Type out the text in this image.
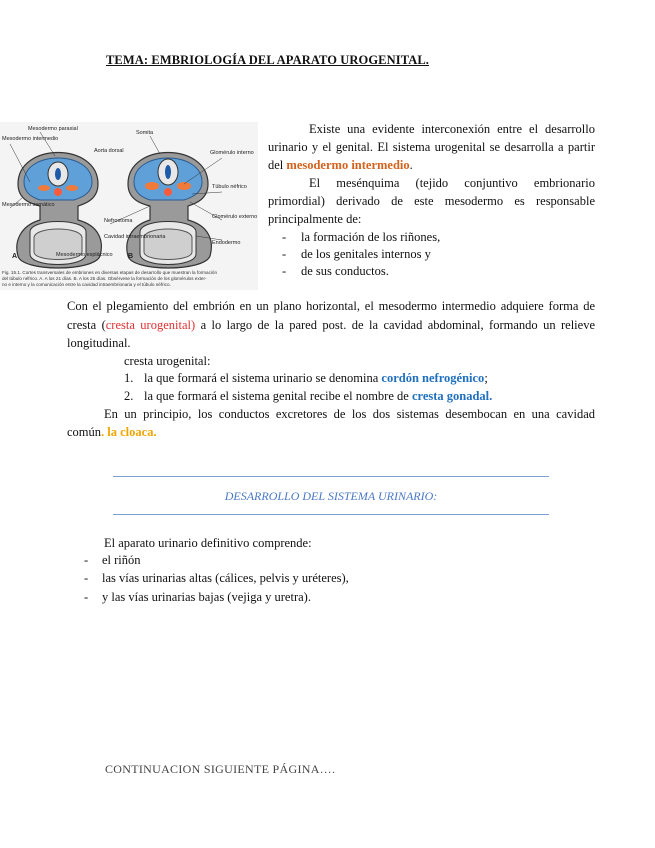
TEMA: EMBRIOLOGÍA DEL APARATO UROGENITAL.
Mesodermo paraxial
Mesodermo intermedio
Somita
Aorta dorsal	Glomérulo interno
Mesodermo somático
Túbulo néfrico
Nefrostoma
Glomérulo externo
Cavidad intraembrionaria
Endodermo
Mesodermo esplácnico
A	B
Fig. 15.1. Cortes transversales de embriones en diversas etapas de desarrollo que muestran la formación
del túbulo néfrico. A. A los 21 días. B. A los 25 días. Obsérvese la formación de los glomérulos exter-
no e interno y la comunicación entre la cavidad intraembrionaria y el túbulo néfrico.
Existe una evidente interconexión entre el desarrollo
urinario y el genital. El sistema urogenital se desarrolla a partir
del mesodermo intermedio.
El mesénquima (tejido conjuntivo embrionario
primordial) derivado de este mesodermo es responsable
principalmente de:
- la formación de los riñones,
- de los genitales internos y
- de sus conductos.
Con el plegamiento del embrión en un plano horizontal, el mesodermo intermedio adquiere forma de
cresta (cresta urogenital) a lo largo de la pared post. de la cavidad abdominal, formando un relieve
longitudinal.
cresta urogenital:
1. la que formará el sistema urinario se denomina cordón nefrogénico;
2. la que formará el sistema genital recibe el nombre de cresta gonadal.
En un principio, los conductos excretores de los dos sistemas desembocan en una cavidad
común. la cloaca.
DESARROLLO DEL SISTEMA URINARIO:
El aparato urinario definitivo comprende:
- el riñón
- las vías urinarias altas (cálices, pelvis y uréteres),
- y las vías urinarias bajas (vejiga y uretra).
CONTINUACION SIGUIENTE PÁGINA….
